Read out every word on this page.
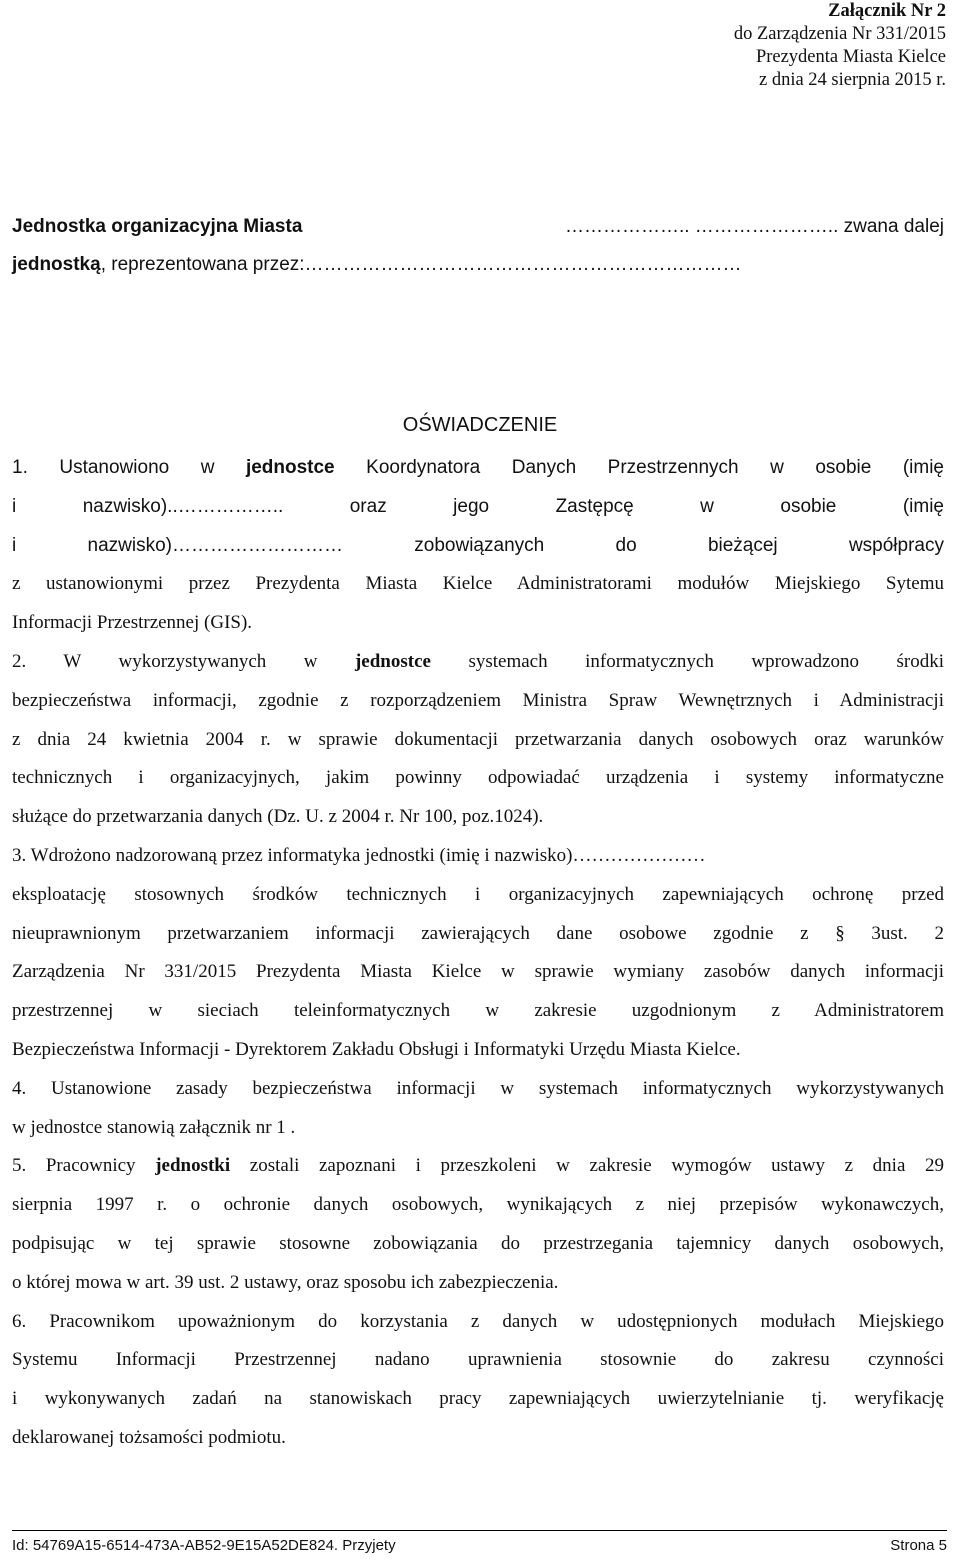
Załącznik Nr 2
do Zarządzenia Nr 331/2015
Prezydenta Miasta Kielce
z dnia 24 sierpnia 2015 r.
Jednostka organizacyjna Miasta	……………….. ………………….. zwana dalej
jednostką, reprezentowana przez:……………………………………………………………
OŚWIADCZENIE
1. Ustanowiono w jednostce Koordynatora Danych Przestrzennych w osobie (imię
i nazwisko)..…………….. oraz jego Zastępcę w osobie (imię
i nazwisko)……………………… zobowiązanych do bieżącej współpracy
z ustanowionymi przez Prezydenta Miasta Kielce Administratorami modułów Miejskiego Sytemu
Informacji Przestrzennej (GIS).
2. W wykorzystywanych w jednostce systemach informatycznych wprowadzono środki
bezpieczeństwa informacji, zgodnie z rozporządzeniem Ministra Spraw Wewnętrznych i Administracji
z dnia 24 kwietnia 2004 r. w sprawie dokumentacji przetwarzania danych osobowych oraz warunków
technicznych i organizacyjnych, jakim powinny odpowiadać urządzenia i systemy informatyczne
służące do przetwarzania danych (Dz. U. z 2004 r. Nr 100, poz.1024).
3. Wdrożono nadzorowaną przez informatyka jednostki (imię i nazwisko)…………………
eksploatację stosownych środków technicznych i organizacyjnych zapewniających ochronę przed
nieuprawnionym przetwarzaniem informacji zawierających dane osobowe zgodnie z § 3ust. 2
Zarządzenia Nr 331/2015 Prezydenta Miasta Kielce w sprawie wymiany zasobów danych informacji
przestrzennej w sieciach teleinformatycznych w zakresie uzgodnionym z Administratorem
Bezpieczeństwa Informacji - Dyrektorem Zakładu Obsługi i Informatyki Urzędu Miasta Kielce.
4. Ustanowione zasady bezpieczeństwa informacji w systemach informatycznych wykorzystywanych
w jednostce stanowią załącznik nr 1 .
5. Pracownicy jednostki zostali zapoznani i przeszkoleni w zakresie wymogów ustawy z dnia 29
sierpnia 1997 r. o ochronie danych osobowych, wynikających z niej przepisów wykonawczych,
podpisując w tej sprawie stosowne zobowiązania do przestrzegania tajemnicy danych osobowych,
o której mowa w art. 39 ust. 2 ustawy, oraz sposobu ich zabezpieczenia.
6. Pracownikom upoważnionym do korzystania z danych w udostępnionych modułach Miejskiego
Systemu Informacji Przestrzennej nadano uprawnienia stosownie do zakresu czynności
i wykonywanych zadań na stanowiskach pracy zapewniających uwierzytelnianie tj. weryfikację
deklarowanej tożsamości podmiotu.
Id: 54769A15-6514-473A-AB52-9E15A52DE824. Przyjety	Strona 5
